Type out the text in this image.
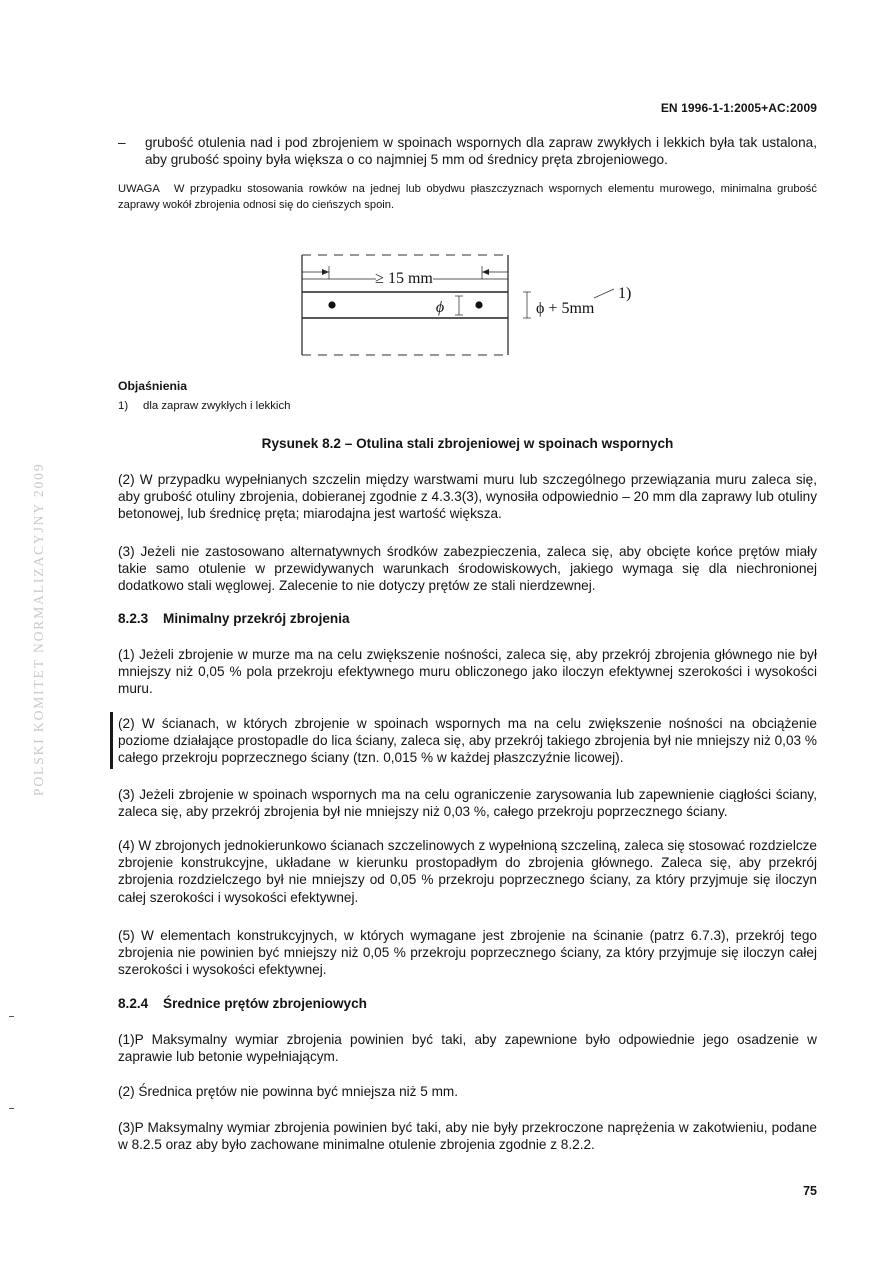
EN 1996-1-1:2005+AC:2009
POLSKI KOMITET NORMALIZACYJNY 2009
– grubość otulenia nad i pod zbrojeniem w spoinach wspornych dla zapraw zwykłych i lekkich była tak ustalona, aby grubość spoiny była większa o co najmniej 5 mm od średnicy pręta zbrojeniowego.
UWAGA W przypadku stosowania rowków na jednej lub obydwu płaszczyznach wspornych elementu murowego, minimalna grubość zaprawy wokół zbrojenia odnosi się do cieńszych spoin.
≥ 15 mm
ϕ	ϕ + 5mm
1)
Objaśnienia
1) dla zapraw zwykłych i lekkich
Rysunek 8.2 – Otulina stali zbrojeniowej w spoinach wspornych
(2) W przypadku wypełnianych szczelin między warstwami muru lub szczególnego przewiązania muru zaleca się, aby grubość otuliny zbrojenia, dobieranej zgodnie z 4.3.3(3), wynosiła odpowiednio – 20 mm dla zaprawy lub otuliny betonowej, lub średnicę pręta; miarodajna jest wartość większa.
(3) Jeżeli nie zastosowano alternatywnych środków zabezpieczenia, zaleca się, aby obcięte końce prętów miały takie samo otulenie w przewidywanych warunkach środowiskowych, jakiego wymaga się dla niechronionej dodatkowo stali węglowej. Zalecenie to nie dotyczy prętów ze stali nierdzewnej.
8.2.3 Minimalny przekrój zbrojenia
(1) Jeżeli zbrojenie w murze ma na celu zwiększenie nośności, zaleca się, aby przekrój zbrojenia głównego nie był mniejszy niż 0,05 % pola przekroju efektywnego muru obliczonego jako iloczyn efektywnej szerokości i wysokości muru.
(2) W ścianach, w których zbrojenie w spoinach wspornych ma na celu zwiększenie nośności na obciążenie poziome działające prostopadle do lica ściany, zaleca się, aby przekrój takiego zbrojenia był nie mniejszy niż 0,03 % całego przekroju poprzecznego ściany (tzn. 0,015 % w każdej płaszczyźnie licowej).
(3) Jeżeli zbrojenie w spoinach wspornych ma na celu ograniczenie zarysowania lub zapewnienie ciągłości ściany, zaleca się, aby przekrój zbrojenia był nie mniejszy niż 0,03 %, całego przekroju poprzecznego ściany.
(4) W zbrojonych jednokierunkowo ścianach szczelinowych z wypełnioną szczeliną, zaleca się stosować rozdzielcze zbrojenie konstrukcyjne, układane w kierunku prostopadłym do zbrojenia głównego. Zaleca się, aby przekrój zbrojenia rozdzielczego był nie mniejszy od 0,05 % przekroju poprzecznego ściany, za który przyjmuje się iloczyn całej szerokości i wysokości efektywnej.
(5) W elementach konstrukcyjnych, w których wymagane jest zbrojenie na ścinanie (patrz 6.7.3), przekrój tego zbrojenia nie powinien być mniejszy niż 0,05 % przekroju poprzecznego ściany, za który przyjmuje się iloczyn całej szerokości i wysokości efektywnej.
8.2.4 Średnice prętów zbrojeniowych
(1)P Maksymalny wymiar zbrojenia powinien być taki, aby zapewnione było odpowiednie jego osadzenie w zaprawie lub betonie wypełniającym.
(2) Średnica prętów nie powinna być mniejsza niż 5 mm.
(3)P Maksymalny wymiar zbrojenia powinien być taki, aby nie były przekroczone naprężenia w zakotwieniu, podane w 8.2.5 oraz aby było zachowane minimalne otulenie zbrojenia zgodnie z 8.2.2.
75
